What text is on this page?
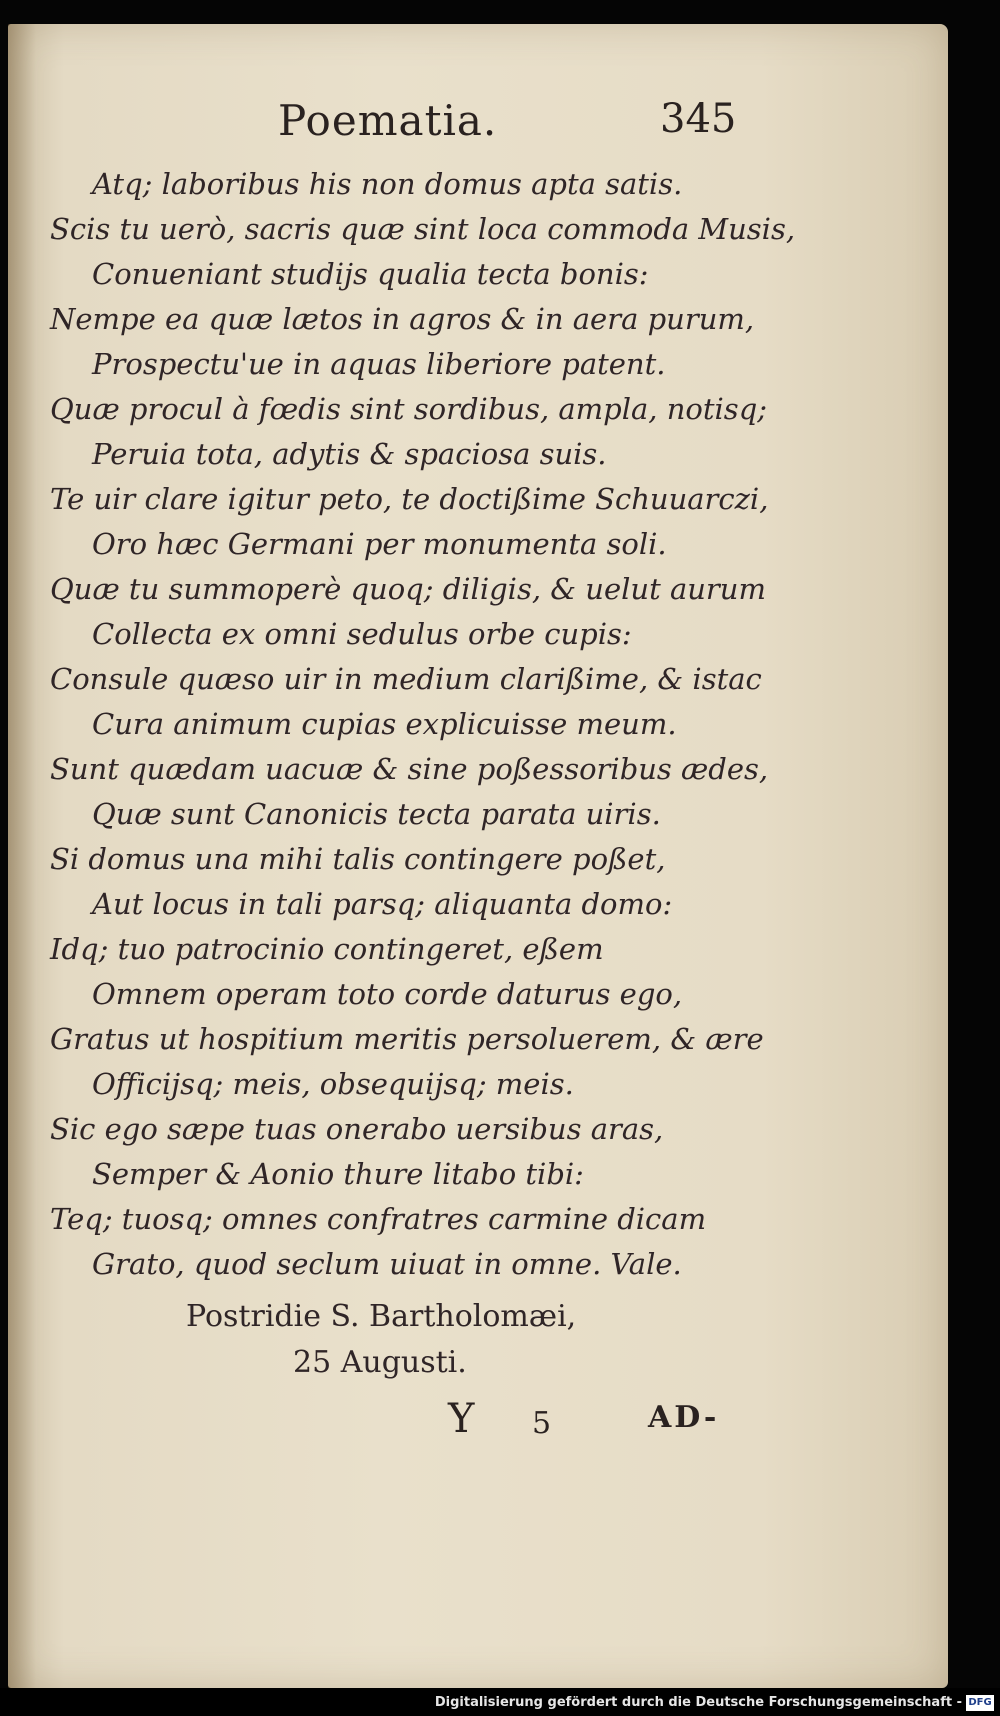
Poematia.	345
Atq; laboribus his non domus apta satis.
Scis tu uerò, sacris quæ sint loca commoda Musis,
Conueniant studijs qualia tecta bonis:
Nempe ea quæ lætos in agros & in aera purum,
Prospectu'ue in aquas liberiore patent.
Quæ procul à fœdis sint sordibus, ampla, notisq;
Peruia tota, adytis & spaciosa suis.
Te uir clare igitur peto, te doctißime Schuuarczi,
Oro hæc Germani per monumenta soli.
Quæ tu summoperè quoq; diligis, & uelut aurum
Collecta ex omni sedulus orbe cupis:
Consule quæso uir in medium clarißime, & istac
Cura animum cupias explicuisse meum.
Sunt quædam uacuæ & sine poßessoribus ædes,
Quæ sunt Canonicis tecta parata uiris.
Si domus una mihi talis contingere poßet,
Aut locus in tali parsq; aliquanta domo:
Idq; tuo patrocinio contingeret, eßem
Omnem operam toto corde daturus ego,
Gratus ut hospitium meritis persoluerem, & ære
Officijsq; meis, obsequijsq; meis.
Sic ego sæpe tuas onerabo uersibus aras,
Semper & Aonio thure litabo tibi:
Teq; tuosq; omnes confratres carmine dicam
Grato, quod seclum uiuat in omne. Vale.
Postridie S. Bartholomæi,
25 Augusti.
Y 5	AD-
Digitalisierung gefördert durch die Deutsche Forschungsgemeinschaft - DFG
